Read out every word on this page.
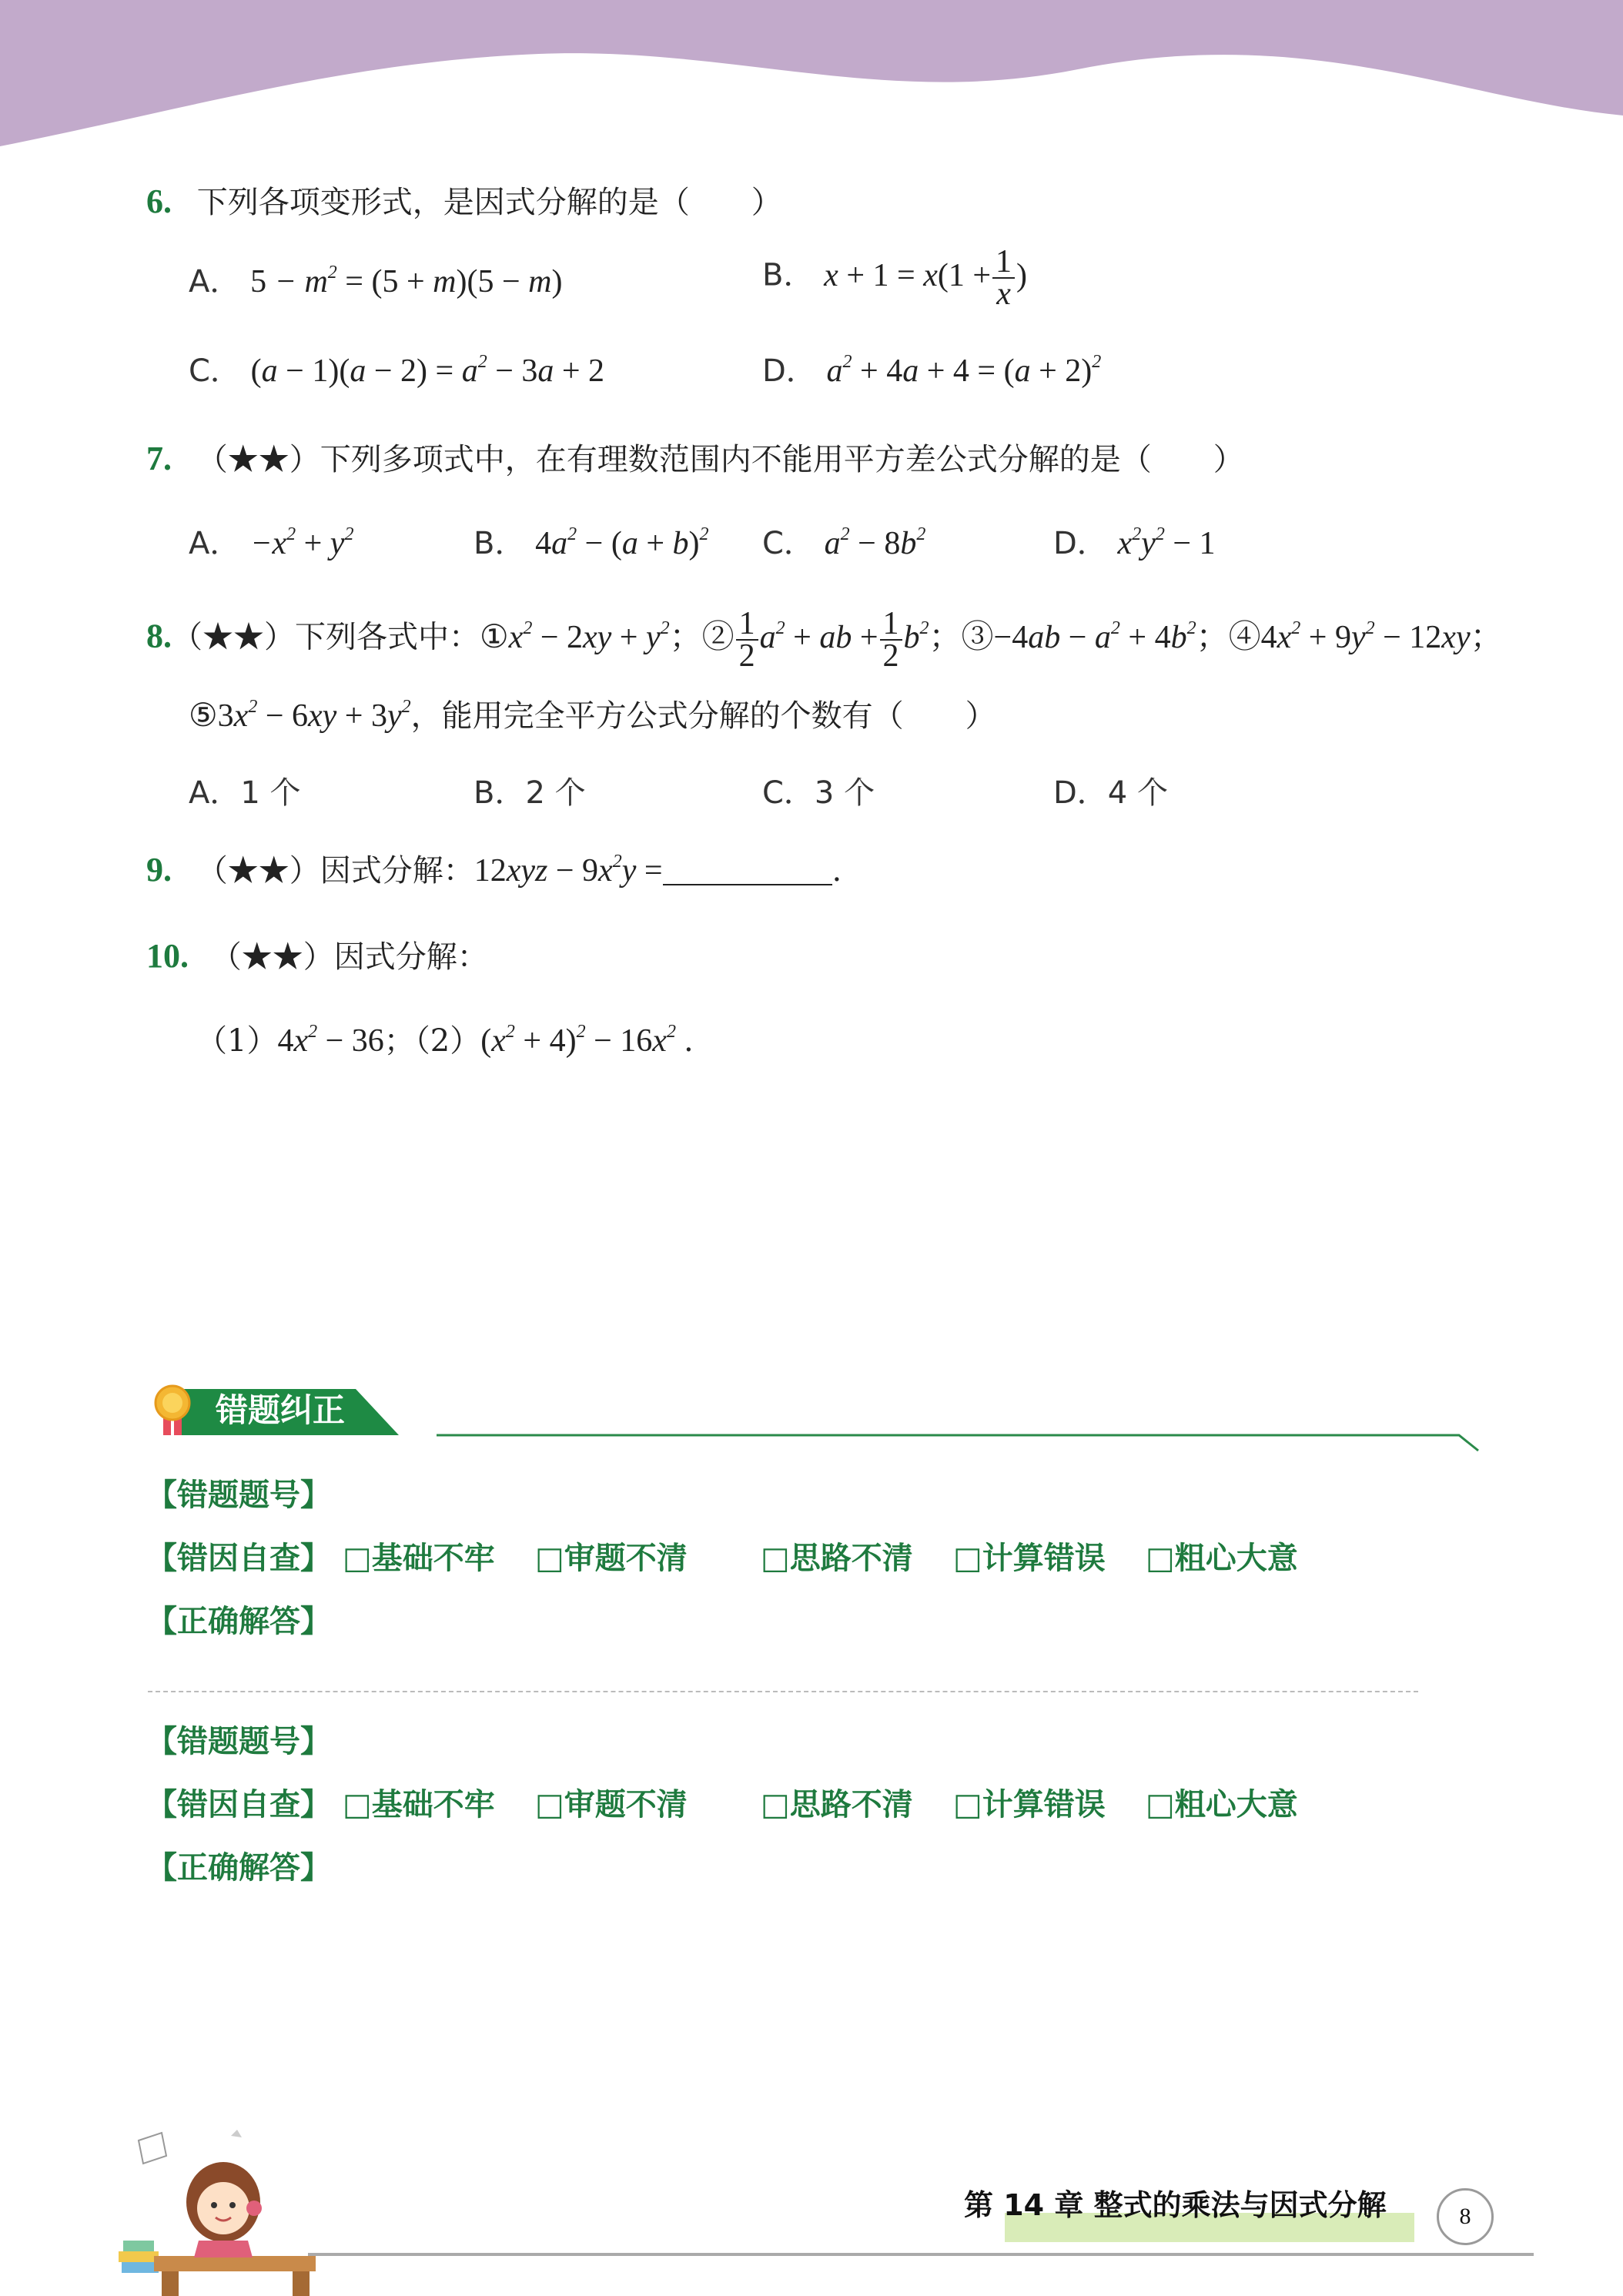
6. 下列各项变形式，是因式分解的是（　　）
A． $5 - m^2 = (5 + m)(5 - m)$	B． $x + 1 = x(1 + \frac{1}{x}$ )
C． $(a - 1)(a - 2) = a^2 - 3a + 2$	D． $a^2 + 4a + 4 = (a + 2)^2$
7. （★★）下列多项式中，在有理数范围内不能用平方差公式分解的是（　　）
A． $-x^2 + y^2$	B． $4a^2 - (a + b)^2$ C． $a^2 - 8b^2$	D． $x^2y^2 - 1$
8.（★★）下列各式中：$①x^2 - 2xy + y^2$；② $\frac{1}{2} a^2$ + ab + $\frac{1}{2} b^2$；③−4ab − $a^2 + 4b^2$；$④4x^2 + 9y^2 - 12xy$；
$⑤3x^2 - 6xy + 3y^2$，能用完全平方公式分解的个数有（　　）
A．1 个	B．2 个	C．3 个	D．4 个
9. （★★）因式分解：$12xyz - 9x^2y$ =	.
10. （★★）因式分解：
$(1)4x^2 - 36$；$(2)(x^2 + 4)^2 - 16x^2$ .
错题纠正
【错题题号】
【错因自查】 □基础不牢 □审题不清 □思路不清 □计算错误 □粗心大意
【正确解答】
【错题题号】
【错因自查】 □基础不牢 □审题不清 □思路不清 □计算错误 □粗心大意
【正确解答】
第 14 章 整式的乘法与因式分解	8
